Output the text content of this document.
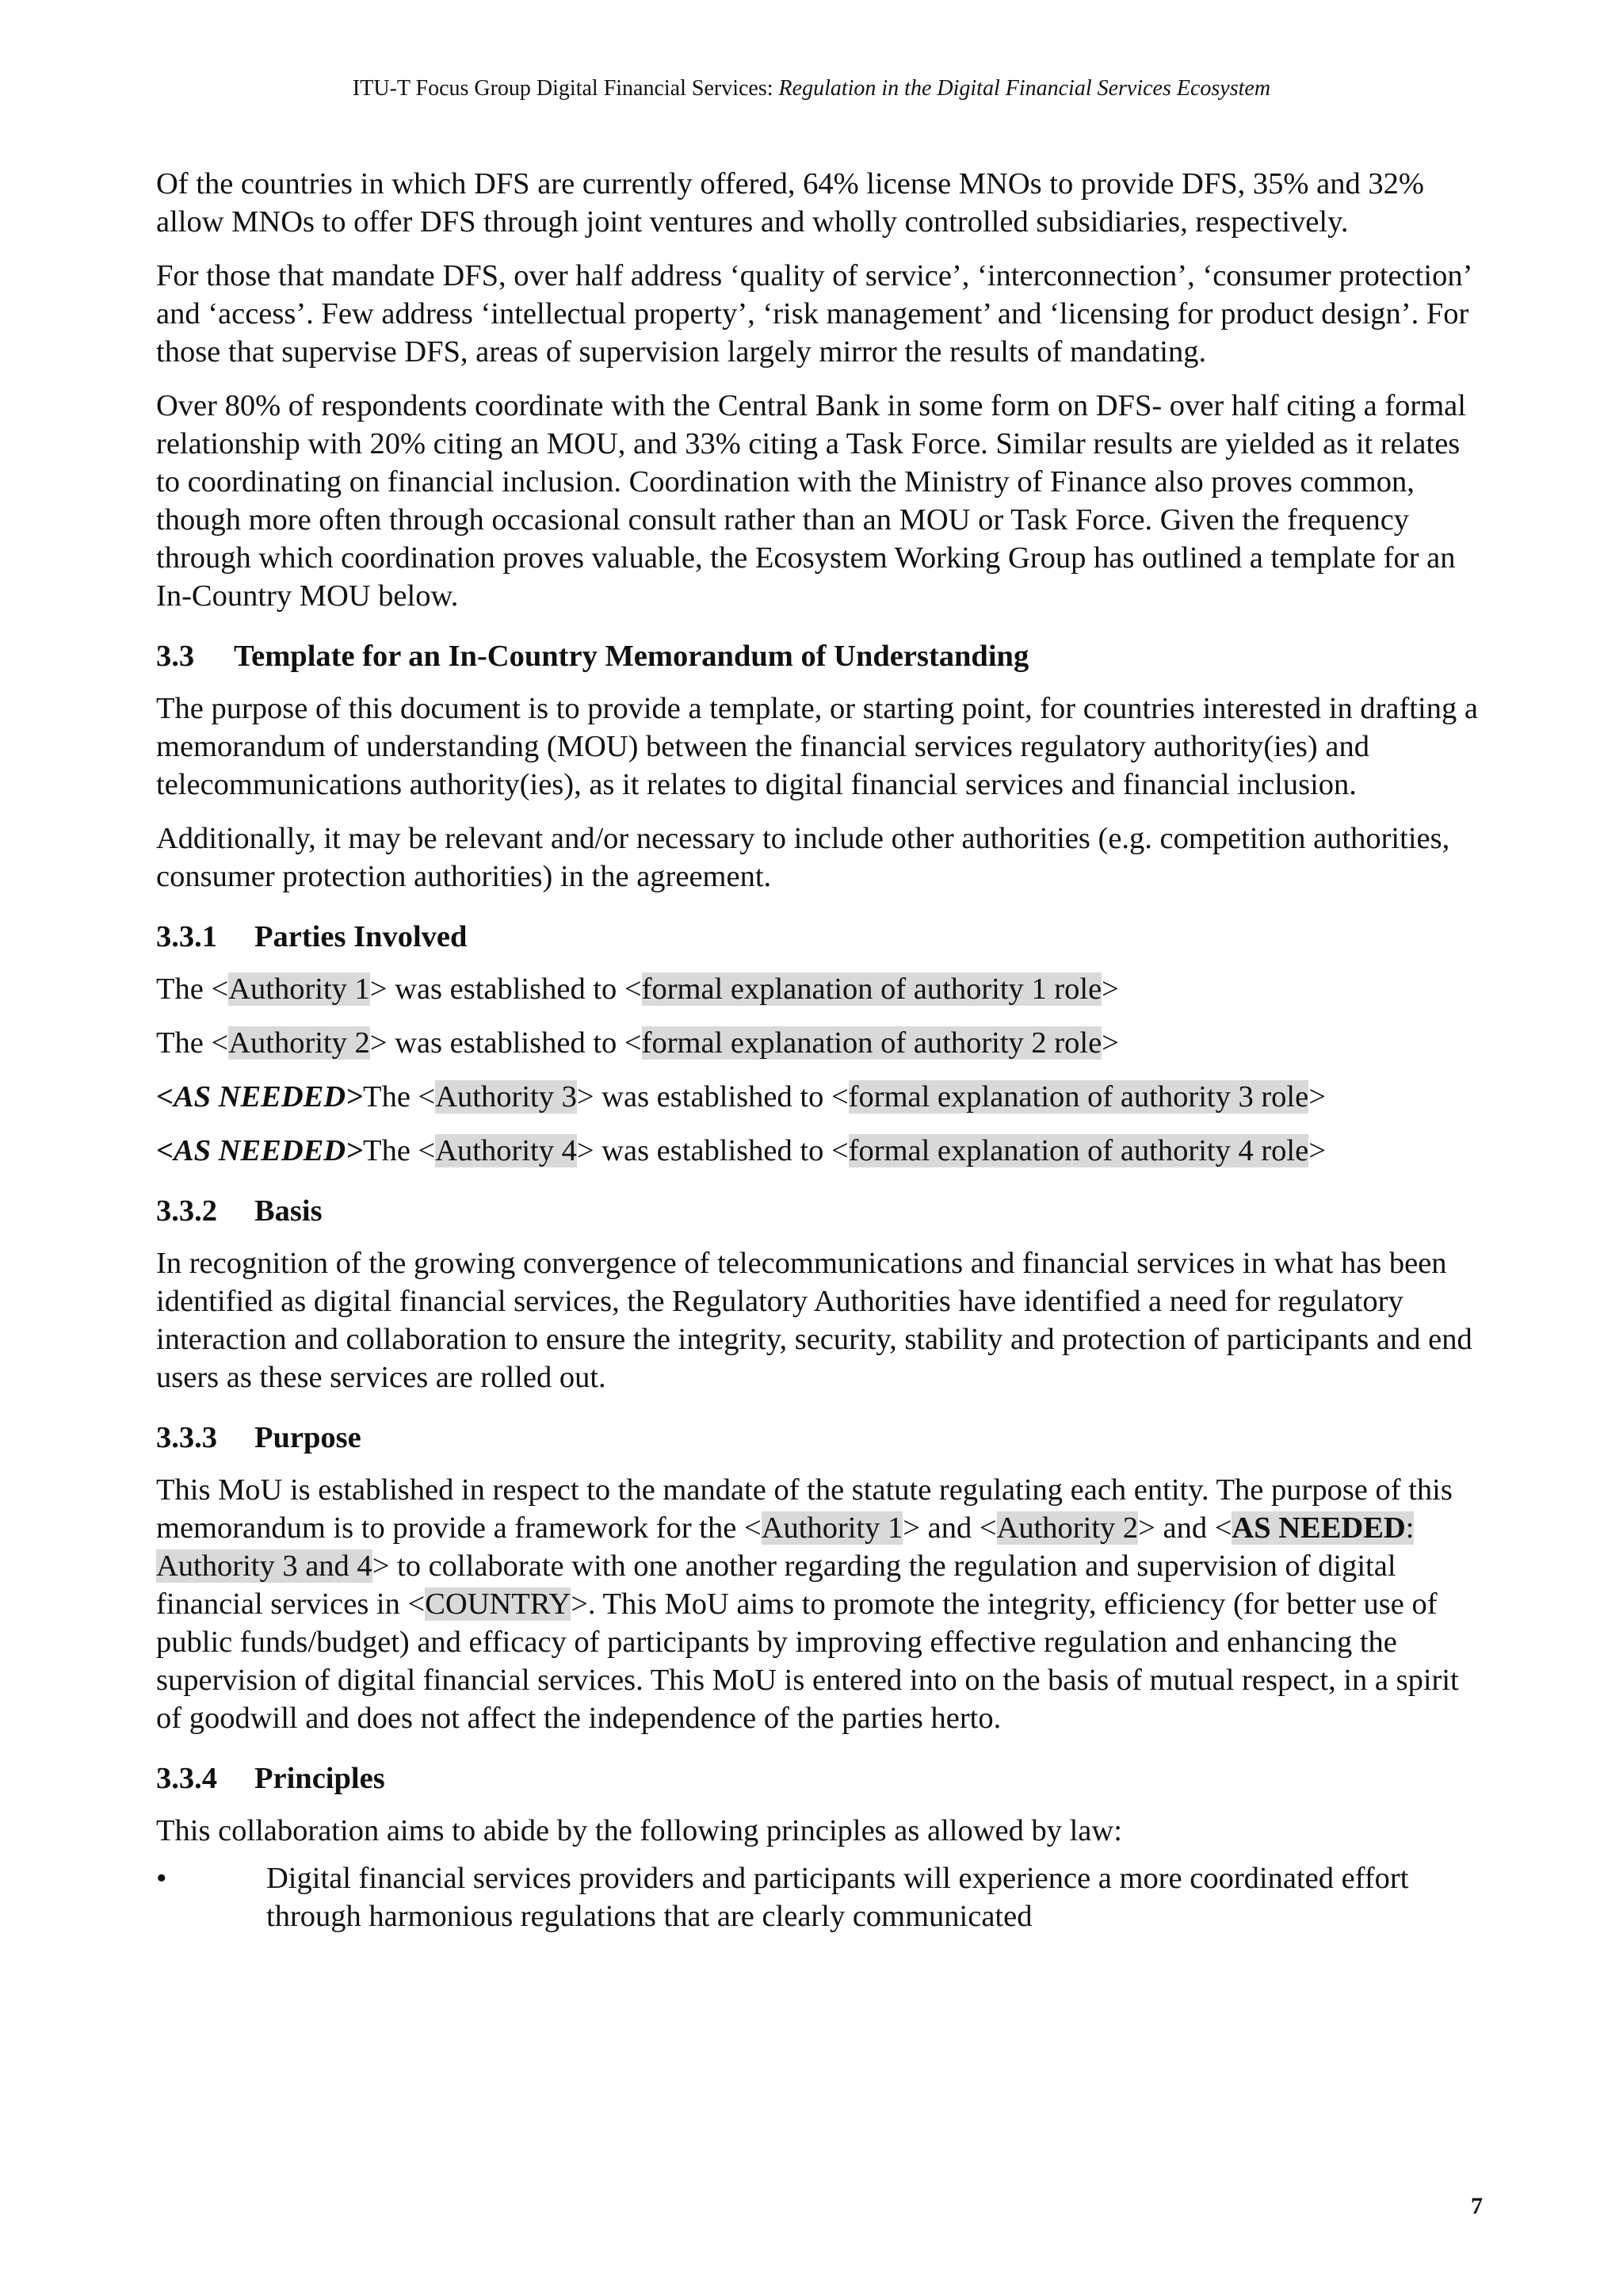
ITU-T Focus Group Digital Financial Services: Regulation in the Digital Financial Services Ecosystem

Of the countries in which DFS are currently offered, 64% license MNOs to provide DFS, 35% and 32% allow MNOs to offer DFS through joint ventures and wholly controlled subsidiaries, respectively.

For those that mandate DFS, over half address ‘quality of service’, ‘interconnection’, ‘consumer protection’ and ‘access’. Few address ‘intellectual property’, ‘risk management’ and ‘licensing for product design’. For those that supervise DFS, areas of supervision largely mirror the results of mandating.

Over 80% of respondents coordinate with the Central Bank in some form on DFS- over half citing a formal relationship with 20% citing an MOU, and 33% citing a Task Force. Similar results are yielded as it relates to coordinating on financial inclusion. Coordination with the Ministry of Finance also proves common, though more often through occasional consult rather than an MOU or Task Force. Given the frequency through which coordination proves valuable, the Ecosystem Working Group has outlined a template for an In-Country MOU below.

3.3 Template for an In-Country Memorandum of Understanding

The purpose of this document is to provide a template, or starting point, for countries interested in drafting a memorandum of understanding (MOU) between the financial services regulatory authority(ies) and telecommunications authority(ies), as it relates to digital financial services and financial inclusion.

Additionally, it may be relevant and/or necessary to include other authorities (e.g. competition authorities, consumer protection authorities) in the agreement.

3.3.1 Parties Involved

The <Authority 1> was established to <formal explanation of authority 1 role>

The <Authority 2> was established to <formal explanation of authority 2 role>

<AS NEEDED>The <Authority 3> was established to <formal explanation of authority 3 role>

<AS NEEDED>The <Authority 4> was established to <formal explanation of authority 4 role>

3.3.2 Basis

In recognition of the growing convergence of telecommunications and financial services in what has been identified as digital financial services, the Regulatory Authorities have identified a need for regulatory interaction and collaboration to ensure the integrity, security, stability and protection of participants and end users as these services are rolled out.

3.3.3 Purpose

This MoU is established in respect to the mandate of the statute regulating each entity. The purpose of this memorandum is to provide a framework for the <Authority 1> and <Authority 2> and <AS NEEDED: Authority 3 and 4> to collaborate with one another regarding the regulation and supervision of digital financial services in <COUNTRY>. This MoU aims to promote the integrity, efficiency (for better use of public funds/budget) and efficacy of participants by improving effective regulation and enhancing the supervision of digital financial services. This MoU is entered into on the basis of mutual respect, in a spirit of goodwill and does not affect the independence of the parties herto.

3.3.4 Principles

This collaboration aims to abide by the following principles as allowed by law:

•	Digital financial services providers and participants will experience a more coordinated effort through harmonious regulations that are clearly communicated

7
